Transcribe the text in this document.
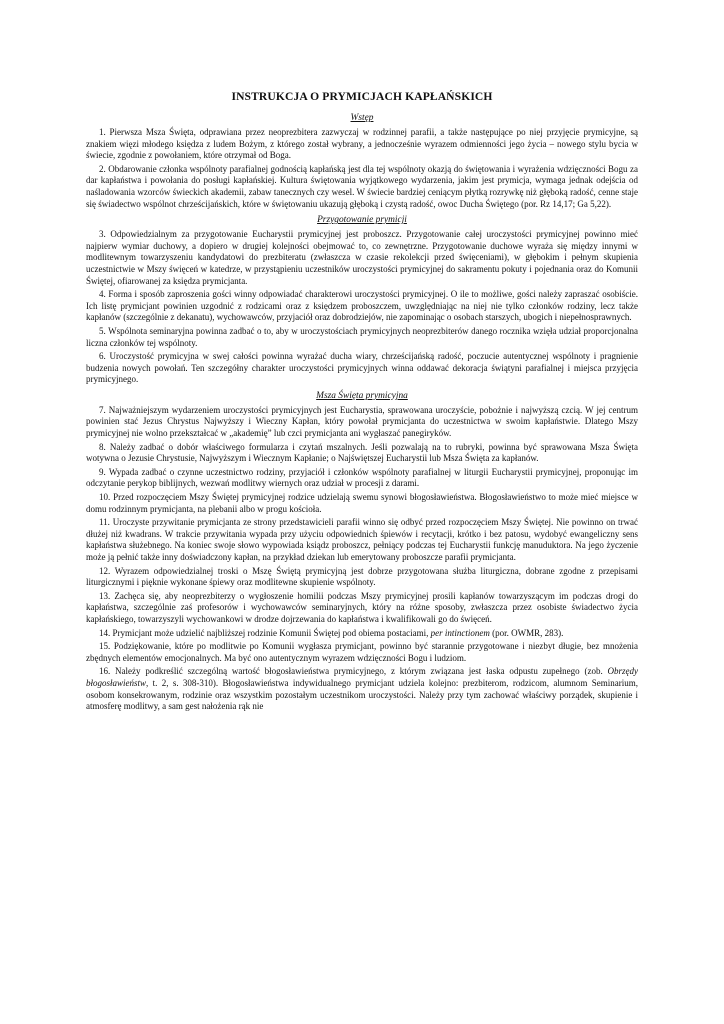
INSTRUKCJA O PRYMICJACH KAPŁAŃSKICH
Wstęp

1. Pierwsza Msza Święta, odprawiana przez neoprezbitera zazwyczaj w rodzinnej parafii, a także następujące po niej przyjęcie prymicyjne, są znakiem więzi młodego księdza z ludem Bożym, z którego został wybrany, a jednocześnie wyrazem odmienności jego życia – nowego stylu bycia w świecie, zgodnie z powołaniem, które otrzymał od Boga.

2. Obdarowanie członka wspólnoty parafialnej godnością kapłańską jest dla tej wspólnoty okazją do świętowania i wyrażenia wdzięczności Bogu za dar kapłaństwa i powołania do posługi kapłańskiej. Kultura świętowania wyjątkowego wydarzenia, jakim jest prymicja, wymaga jednak odejścia od naśladowania wzorców świeckich akademii, zabaw tanecznych czy wesel. W świecie bardziej ceniącym płytką rozrywkę niż głęboką radość, cenne staje się świadectwo wspólnot chrześcijańskich, które w świętowaniu ukazują głęboką i czystą radość, owoc Ducha Świętego (por. Rz 14,17; Ga 5,22).

Przygotowanie prymicji

3. Odpowiedzialnym za przygotowanie Eucharystii prymicyjnej jest proboszcz. Przygotowanie całej uroczystości prymicyjnej powinno mieć najpierw wymiar duchowy, a dopiero w drugiej kolejności obejmować to, co zewnętrzne. Przygotowanie duchowe wyraża się między innymi w modlitewnym towarzyszeniu kandydatowi do prezbiteratu (zwłaszcza w czasie rekolekcji przed święceniami), w głębokim i pełnym skupienia uczestnictwie w Mszy święceń w katedrze, w przystąpieniu uczestników uroczystości prymicyjnej do sakramentu pokuty i pojednania oraz do Komunii Świętej, ofiarowanej za księdza prymicjanta.

4. Forma i sposób zaproszenia gości winny odpowiadać charakterowi uroczystości prymicyjnej. O ile to możliwe, gości należy zapraszać osobiście. Ich listę prymicjant powinien uzgodnić z rodzicami oraz z księdzem proboszczem, uwzględniając na niej nie tylko członków rodziny, lecz także kapłanów (szczególnie z dekanatu), wychowawców, przyjaciół oraz dobrodziejów, nie zapominając o osobach starszych, ubogich i niepełnosprawnych.

5. Wspólnota seminaryjna powinna zadbać o to, aby w uroczystościach prymicyjnych neoprezbiterów danego rocznika wzięła udział proporcjonalna liczna członków tej wspólnoty.

6. Uroczystość prymicyjna w swej całości powinna wyrażać ducha wiary, chrześcijańską radość, poczucie autentycznej wspólnoty i pragnienie budzenia nowych powołań. Ten szczegółny charakter uroczystości prymicyjnych winna oddawać dekoracja świątyni parafialnej i miejsca przyjęcia prymicyjnego.

Msza Święta prymicyjna

7. Najważniejszym wydarzeniem uroczystości prymicyjnych jest Eucharystia, sprawowana uroczyście, pobożnie i najwyższą czcią. W jej centrum powinien stać Jezus Chrystus Najwyższy i Wieczny Kapłan, który powołał prymicjanta do uczestnictwa w swoim kapłaństwie. Dlatego Mszy prymicyjnej nie wolno przekształcać w „akademię” lub czci prymicjanta ani wygłaszać panegiryków.

8. Należy zadbać o dobór właściwego formularza i czytań mszalnych. Jeśli pozwalają na to rubryki, powinna być sprawowana Msza Święta wotywna o Jezusie Chrystusie, Najwyższym i Wiecznym Kapłanie; o Najświętszej Eucharystii lub Msza Święta za kapłanów.

9. Wypada zadbać o czynne uczestnictwo rodziny, przyjaciół i członków wspólnoty parafialnej w liturgii Eucharystii prymicyjnej, proponując im odczytanie perykop biblijnych, wezwań modlitwy wiernych oraz udział w procesji z darami.

10. Przed rozpoczęciem Mszy Świętej prymicyjnej rodzice udzielają swemu synowi błogosławieństwa. Błogosławieństwo to może mieć miejsce w domu rodzinnym prymicjanta, na plebanii albo w progu kościoła.

11. Uroczyste przywitanie prymicjanta ze strony przedstawicieli parafii winno się odbyć przed rozpoczęciem Mszy Świętej. Nie powinno on trwać dłużej niż kwadrans. W trakcie przywitania wypada przy użyciu odpowiednich śpiewów i recytacji, krótko i bez patosu, wydobyć ewangeliczny sens kapłaństwa służebnego. Na koniec swoje słowo wypowiada ksiądz proboszcz, pełniący podczas tej Eucharystii funkcję manuduktora. Na jego życzenie może ją pełnić także inny doświadczony kapłan, na przykład dziekan lub emerytowany proboszcze parafii prymicjanta.

12. Wyrazem odpowiedzialnej troski o Mszę Świętą prymicyjną jest dobrze przygotowana służba liturgiczna, dobrane zgodne z przepisami liturgicznymi i pięknie wykonane śpiewy oraz modlitewne skupienie wspólnoty.

13. Zachęca się, aby neoprezbiterzy o wygłoszenie homilii podczas Mszy prymicyjnej prosili kapłanów towarzyszącym im podczas drogi do kapłaństwa, szczególnie zaś profesorów i wychowawców seminaryjnych, który na różne sposoby, zwłaszcza przez osobiste świadectwo życia kapłańskiego, towarzyszyli wychowankowi w drodze dojrzewania do kapłaństwa i kwalifikowali go do święceń.

14. Prymicjant może udzielić najbliższej rodzinie Komunii Świętej pod obiema postaciami, per intinctionem (por. OWMR, 283).

15. Podziękowanie, które po modlitwie po Komunii wygłasza prymicjant, powinno być starannie przygotowane i niezbyt długie, bez mnożenia zbędnych elementów emocjonalnych. Ma być ono autentycznym wyrazem wdzięczności Bogu i ludziom.

16. Należy podkreślić szczególną wartość błogosławieństwa prymicyjnego, z którym związana jest łaska odpustu zupełnego (zob. Obrzędy błogosławieństw, t. 2, s. 308-310). Błogosławieństwa indywidualnego prymicjant udziela kolejno: prezbiterom, rodzicom, alumnom Seminarium, osobom konsekrowanym, rodzinie oraz wszystkim pozostałym uczestnikom uroczystości. Należy przy tym zachować właściwy porządek, skupienie i atmosferę modlitwy, a sam gest nałożenia rąk nie
